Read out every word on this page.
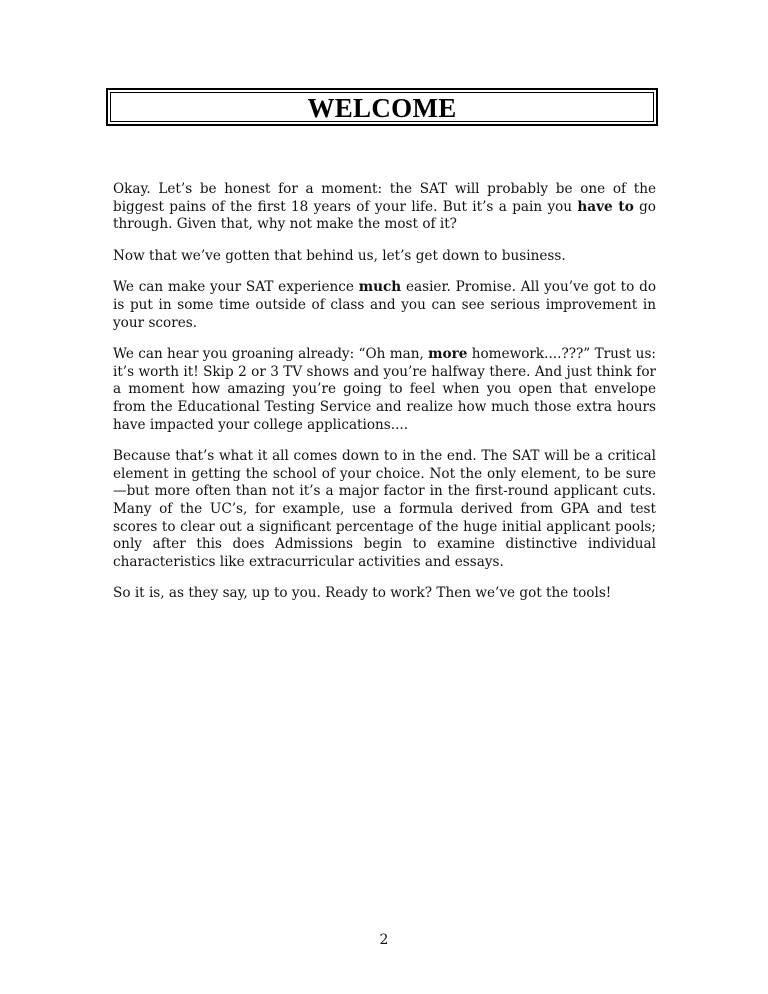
WELCOME

Okay. Let’s be honest for a moment: the SAT will probably be one of the biggest pains of the first 18 years of your life. But it’s a pain you have to go through. Given that, why not make the most of it?

Now that we’ve gotten that behind us, let’s get down to business.

We can make your SAT experience much easier. Promise. All you’ve got to do is put in some time outside of class and you can see serious improvement in your scores.

We can hear you groaning already: “Oh man, more homework....???” Trust us: it’s worth it! Skip 2 or 3 TV shows and you’re halfway there. And just think for a moment how amazing you’re going to feel when you open that envelope from the Educational Testing Service and realize how much those extra hours have impacted your college applications....

Because that’s what it all comes down to in the end. The SAT will be a critical element in getting the school of your choice. Not the only element, to be sure—but more often than not it’s a major factor in the first-round applicant cuts. Many of the UC’s, for example, use a formula derived from GPA and test scores to clear out a significant percentage of the huge initial applicant pools; only after this does Admissions begin to examine distinctive individual characteristics like extracurricular activities and essays.

So it is, as they say, up to you. Ready to work? Then we’ve got the tools!

2
